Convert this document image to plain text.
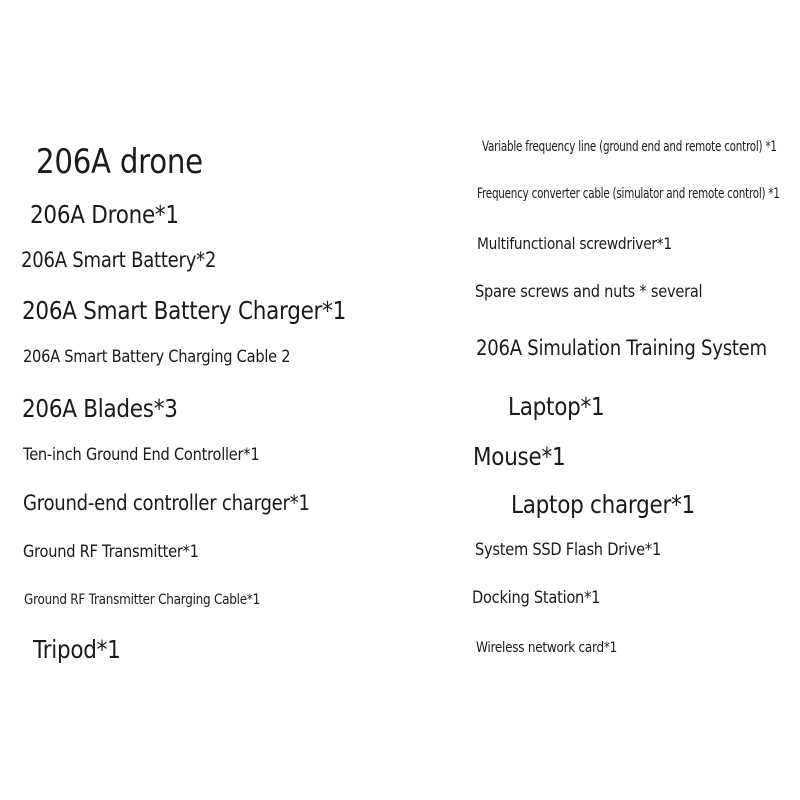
206A drone
206A Drone*1
206A Smart Battery*2
206A Smart Battery Charger*1
206A Smart Battery Charging Cable 2
206A Blades*3
Ten-inch Ground End Controller*1
Ground-end controller charger*1
Ground RF Transmitter*1
Ground RF Transmitter Charging Cable*1
Tripod*1
Variable frequency line (ground end and remote control) *1
Frequency converter cable (simulator and remote control) *1
Multifunctional screwdriver*1
Spare screws and nuts * several
206A Simulation Training System
Laptop*1
Mouse*1
Laptop charger*1
System SSD Flash Drive*1
Docking Station*1
Wireless network card*1
